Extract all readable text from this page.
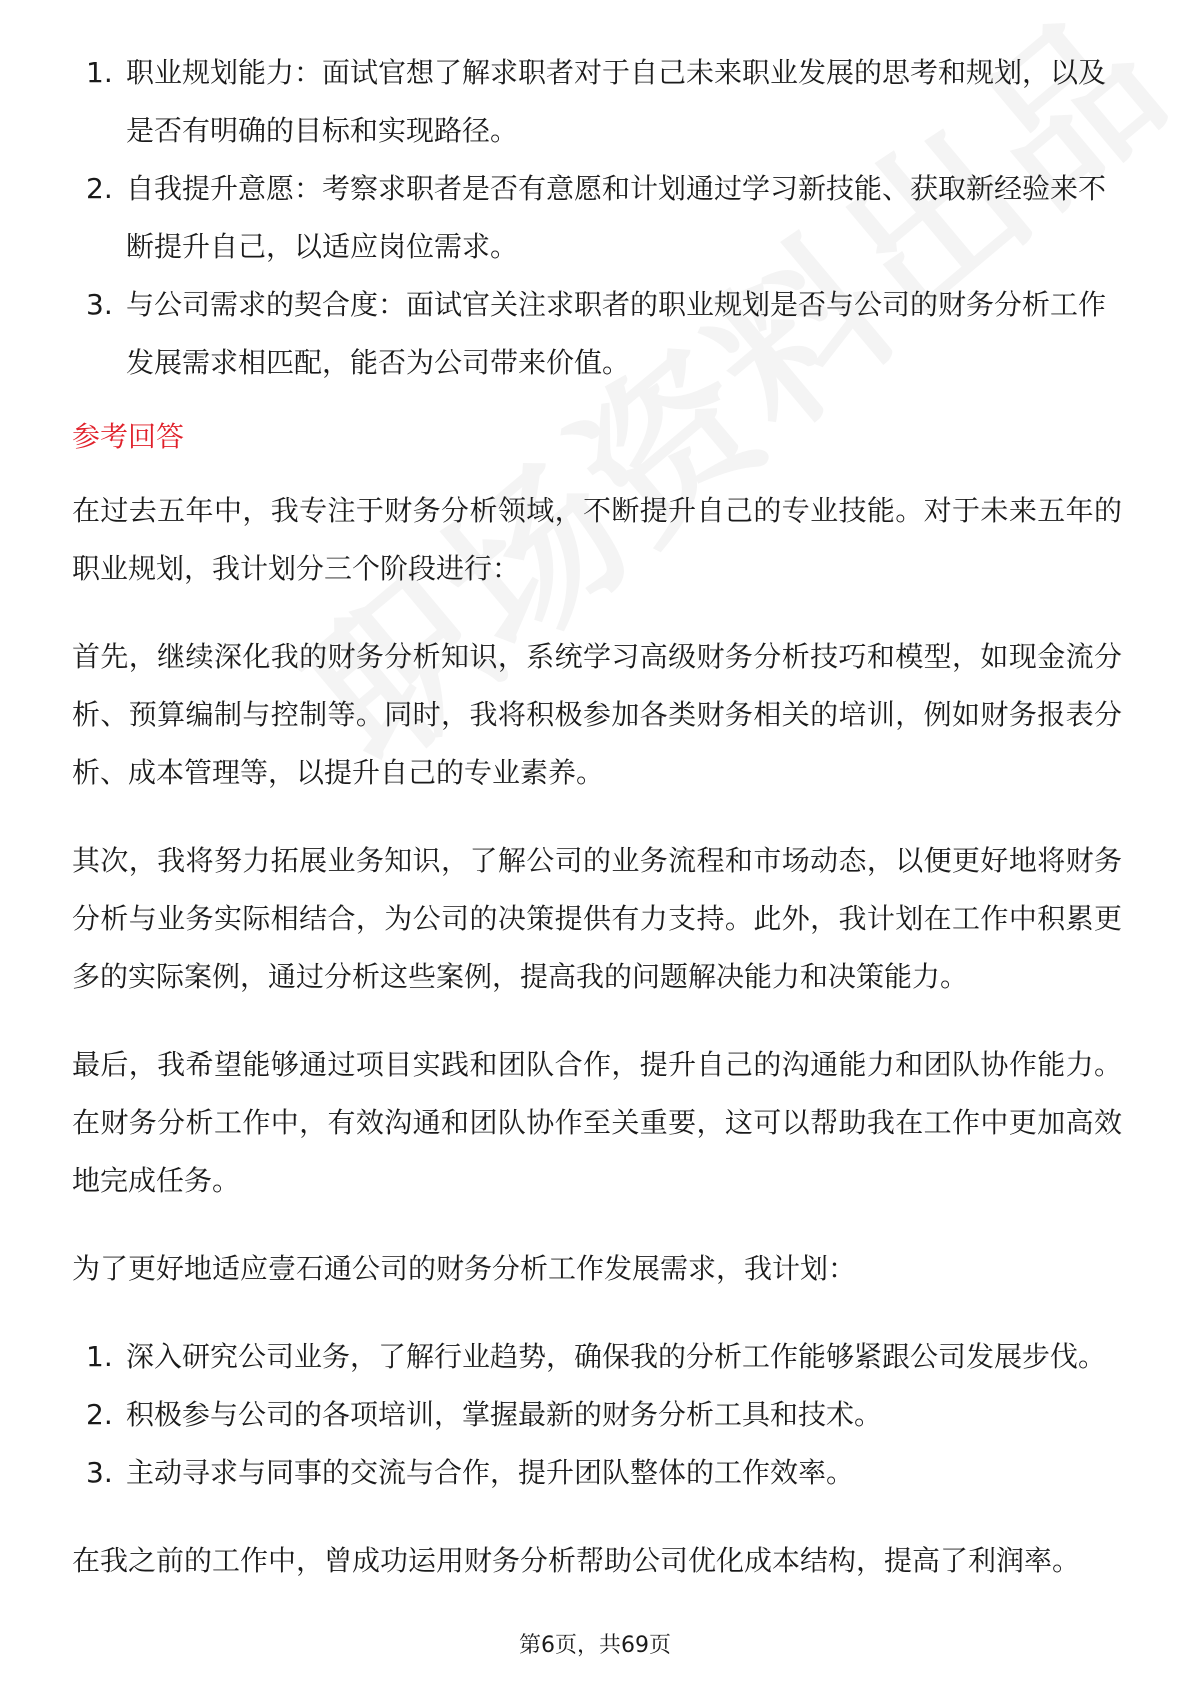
1. 职业规划能力：面试官想了解求职者对于自己未来职业发展的思考和规划，以及是否有明确的目标和实现路径。
2. 自我提升意愿：考察求职者是否有意愿和计划通过学习新技能、获取新经验来不断提升自己，以适应岗位需求。
3. 与公司需求的契合度：面试官关注求职者的职业规划是否与公司的财务分析工作发展需求相匹配，能否为公司带来价值。
参考回答

在过去五年中，我专注于财务分析领域，不断提升自己的专业技能。对于未来五年的职业规划，我计划分三个阶段进行：

首先，继续深化我的财务分析知识，系统学习高级财务分析技巧和模型，如现金流分析、预算编制与控制等。同时，我将积极参加各类财务相关的培训，例如财务报表分析、成本管理等，以提升自己的专业素养。

其次，我将努力拓展业务知识，了解公司的业务流程和市场动态，以便更好地将财务分析与业务实际相结合，为公司的决策提供有力支持。此外，我计划在工作中积累更多的实际案例，通过分析这些案例，提高我的问题解决能力和决策能力。

最后，我希望能够通过项目实践和团队合作，提升自己的沟通能力和团队协作能力。在财务分析工作中，有效沟通和团队协作至关重要，这可以帮助我在工作中更加高效地完成任务。

为了更好地适应壹石通公司的财务分析工作发展需求，我计划：

1. 深入研究公司业务，了解行业趋势，确保我的分析工作能够紧跟公司发展步伐。
2. 积极参与公司的各项培训，掌握最新的财务分析工具和技术。
3. 主动寻求与同事的交流与合作，提升团队整体的工作效率。

在我之前的工作中，曾成功运用财务分析帮助公司优化成本结构，提高了利润率。

第6页，共69页
